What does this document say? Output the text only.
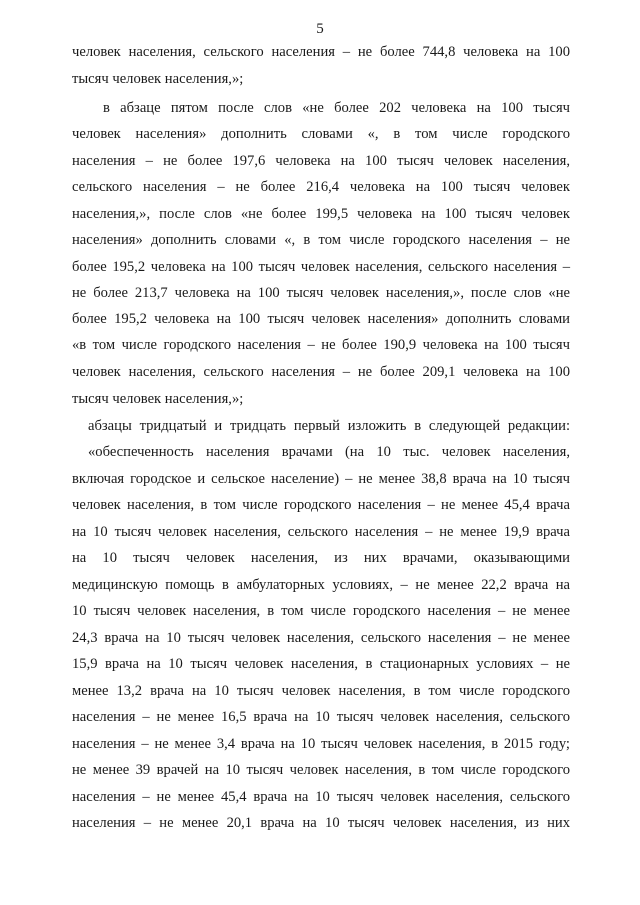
5
человек населения, сельского населения – не более 744,8 человека на 100
тысяч человек населения,»;
в абзаце пятом после слов «не более 202 человека на 100 тысяч
человек населения» дополнить словами «, в том числе городского
населения – не более 197,6 человека на 100 тысяч человек населения,
сельского населения – не более 216,4 человека на 100 тысяч человек
населения,», после слов «не более 199,5 человека на 100 тысяч человек
населения» дополнить словами «, в том числе городского населения – не
более 195,2 человека на 100 тысяч человек населения, сельского населения –
не более 213,7 человека на 100 тысяч человек населения,», после слов «не
более 195,2 человека на 100 тысяч человек населения» дополнить словами
«в том числе городского населения – не более 190,9 человека на 100 тысяч
человек населения, сельского населения – не более 209,1 человека на 100
тысяч человек населения,»;
абзацы тридцатый и тридцать первый изложить в следующей редакции:
«обеспеченность населения врачами (на 10 тыс. человек населения,
включая городское и сельское население) – не менее 38,8 врача на 10 тысяч
человек населения, в том числе городского населения – не менее 45,4 врача
на 10 тысяч человек населения, сельского населения – не менее 19,9 врача
на 10 тысяч человек населения, из них врачами, оказывающими
медицинскую помощь в амбулаторных условиях, – не менее 22,2 врача на
10 тысяч человек населения, в том числе городского населения – не менее
24,3 врача на 10 тысяч человек населения, сельского населения – не менее
15,9 врача на 10 тысяч человек населения, в стационарных условиях – не
менее 13,2 врача на 10 тысяч человек населения, в том числе городского
населения – не менее 16,5 врача на 10 тысяч человек населения, сельского
населения – не менее 3,4 врача на 10 тысяч человек населения, в 2015 году;
не менее 39 врачей на 10 тысяч человек населения, в том числе городского
населения – не менее 45,4 врача на 10 тысяч человек населения, сельского
населения – не менее 20,1 врача на 10 тысяч человек населения, из них
